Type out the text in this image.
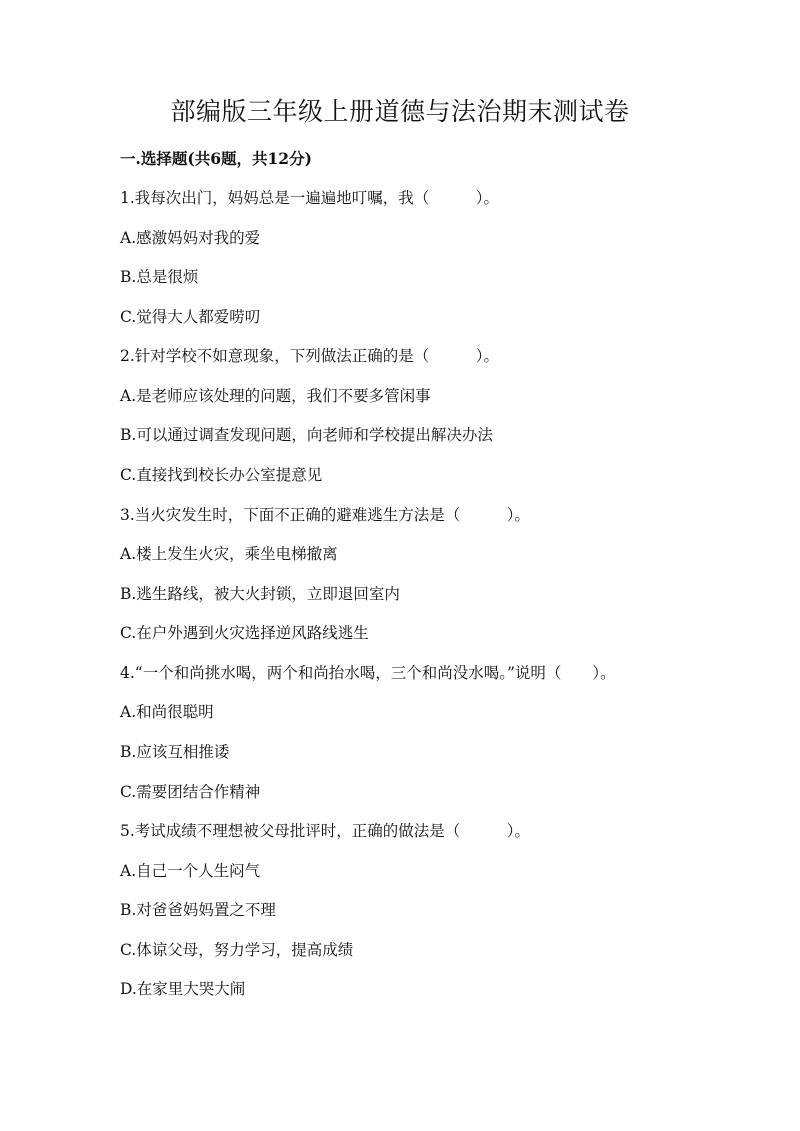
部编版三年级上册道德与法治期末测试卷

一.选择题(共6题，共12分)

1.我每次出门，妈妈总是一遍遍地叮嘱，我（　　　）。

A.感激妈妈对我的爱

B.总是很烦

C.觉得大人都爱唠叨

2.针对学校不如意现象，下列做法正确的是（　　　）。

A.是老师应该处理的问题，我们不要多管闲事

B.可以通过调查发现问题，向老师和学校提出解决办法

C.直接找到校长办公室提意见

3.当火灾发生时，下面不正确的避难逃生方法是（　　　）。

A.楼上发生火灾，乘坐电梯撤离

B.逃生路线，被大火封锁，立即退回室内

C.在户外遇到火灾选择逆风路线逃生

4.“一个和尚挑水喝，两个和尚抬水喝，三个和尚没水喝。”说明（　　）。

A.和尚很聪明

B.应该互相推诿

C.需要团结合作精神

5.考试成绩不理想被父母批评时，正确的做法是（　　　）。

A.自己一个人生闷气

B.对爸爸妈妈置之不理

C.体谅父母，努力学习，提高成绩

D.在家里大哭大闹
